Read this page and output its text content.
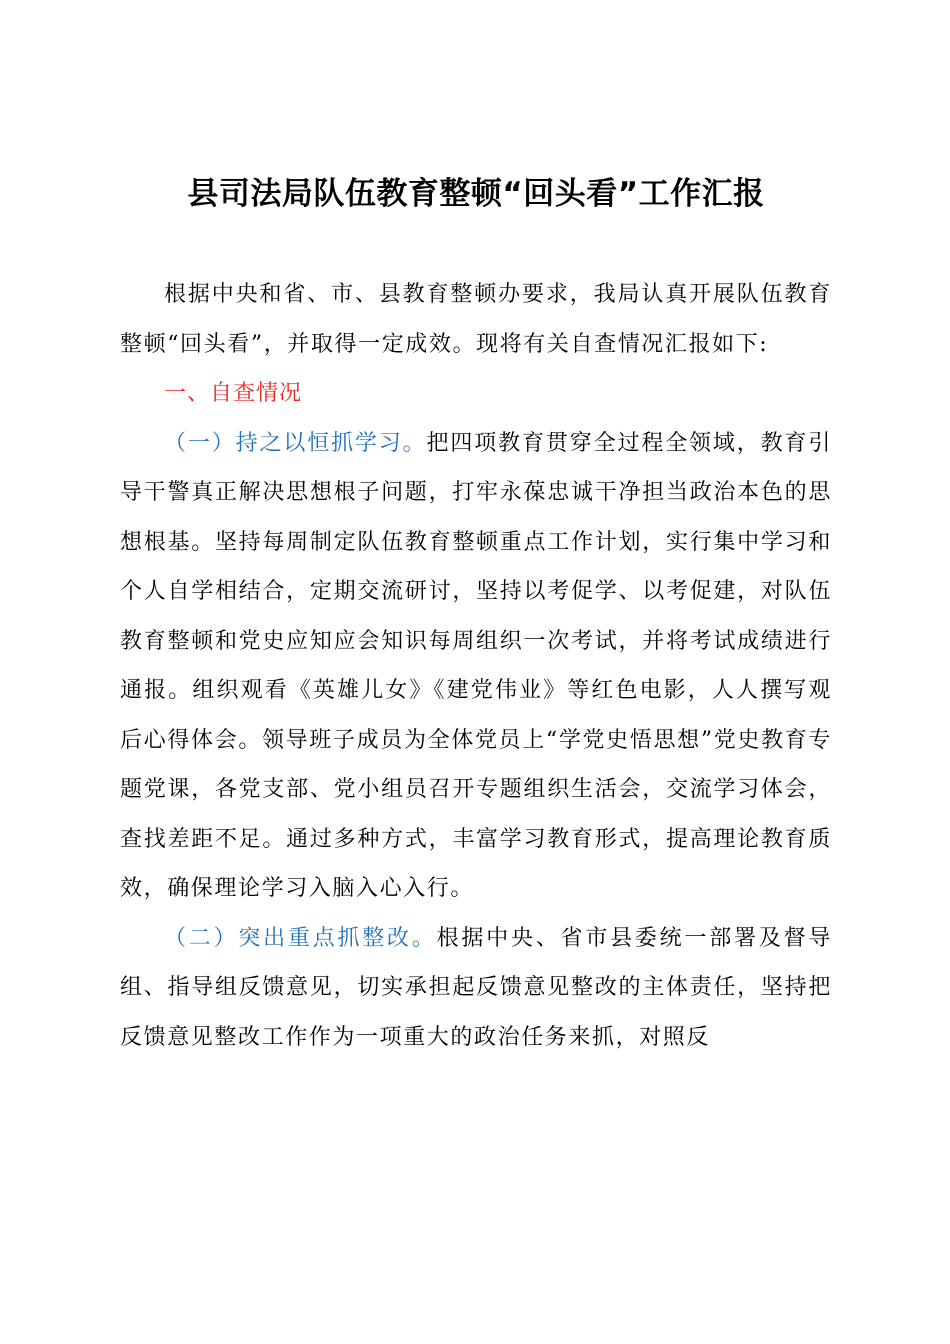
县司法局队伍教育整顿“回头看”工作汇报

根据中央和省、市、县教育整顿办要求，我局认真开展队伍教育整顿“回头看”，并取得一定成效。现将有关自查情况汇报如下:

一、自查情况

（一）持之以恒抓学习。把四项教育贯穿全过程全领域，教育引导干警真正解决思想根子问题，打牢永葆忠诚干净担当政治本色的思想根基。坚持每周制定队伍教育整顿重点工作计划，实行集中学习和个人自学相结合，定期交流研讨，坚持以考促学、以考促建，对队伍教育整顿和党史应知应会知识每周组织一次考试，并将考试成绩进行通报。组织观看《英雄儿女》《建党伟业》等红色电影，人人撰写观后心得体会。领导班子成员为全体党员上“学党史悟思想”党史教育专题党课，各党支部、党小组员召开专题组织生活会，交流学习体会，查找差距不足。通过多种方式，丰富学习教育形式，提高理论教育质效，确保理论学习入脑入心入行。

（二）突出重点抓整改。根据中央、省市县委统一部署及督导组、指导组反馈意见，切实承担起反馈意见整改的主体责任，坚持把反馈意见整改工作作为一项重大的政治任务来抓，对照反
